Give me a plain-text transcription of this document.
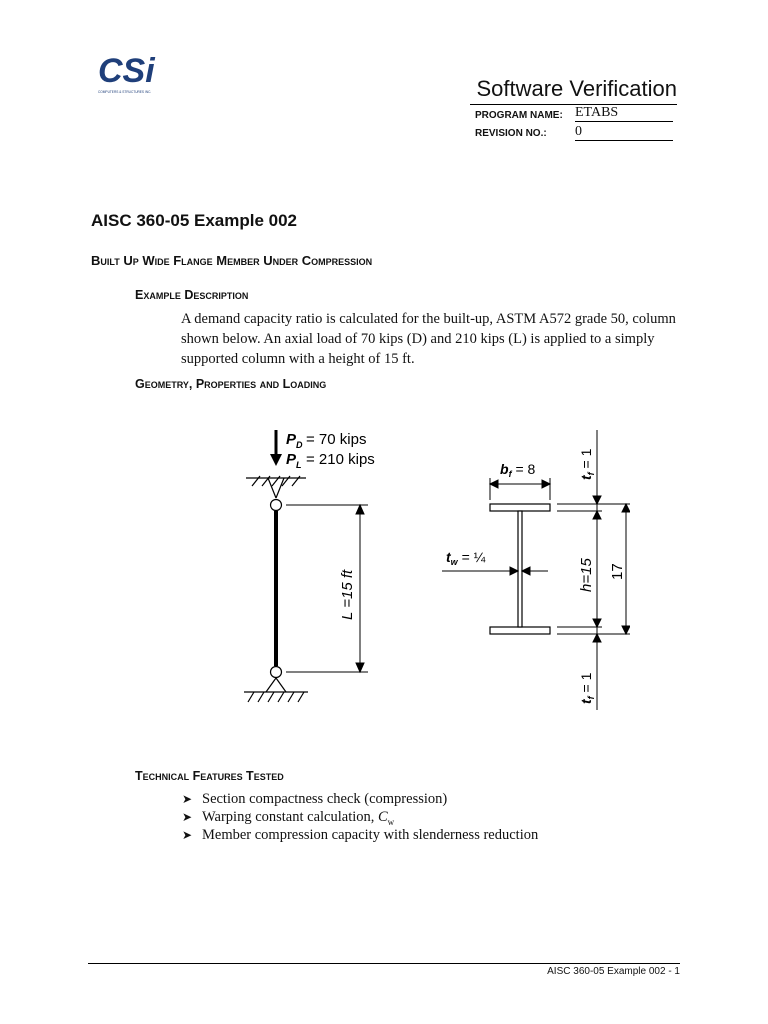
CSi
COMPUTERS & STRUCTURES INC.	Software Verification
PROGRAM NAME: ETABS
REVISION NO.: 0
AISC 360-05 Example 002
Built Up Wide Flange Member Under Compression
Example Description
A demand capacity ratio is calculated for the built-up, ASTM A572 grade 50, column shown below. An axial load of 70 kips (D) and 210 kips (L) is applied to a simply supported column with a height of 15 ft.
Geometry, Properties and Loading
$P_D = 70$ kips
$P_L = 210$ kips
L =15 ft
$b_f = 8$
$t_w$ = ¼
$t_f = 1$
h=15 17
$t_f = 1$
Technical Features Tested
➤ Section compactness check (compression)
➤ Warping constant calculation, $C_w$
➤ Member compression capacity with slenderness reduction
AISC 360-05 Example 002 - 1
